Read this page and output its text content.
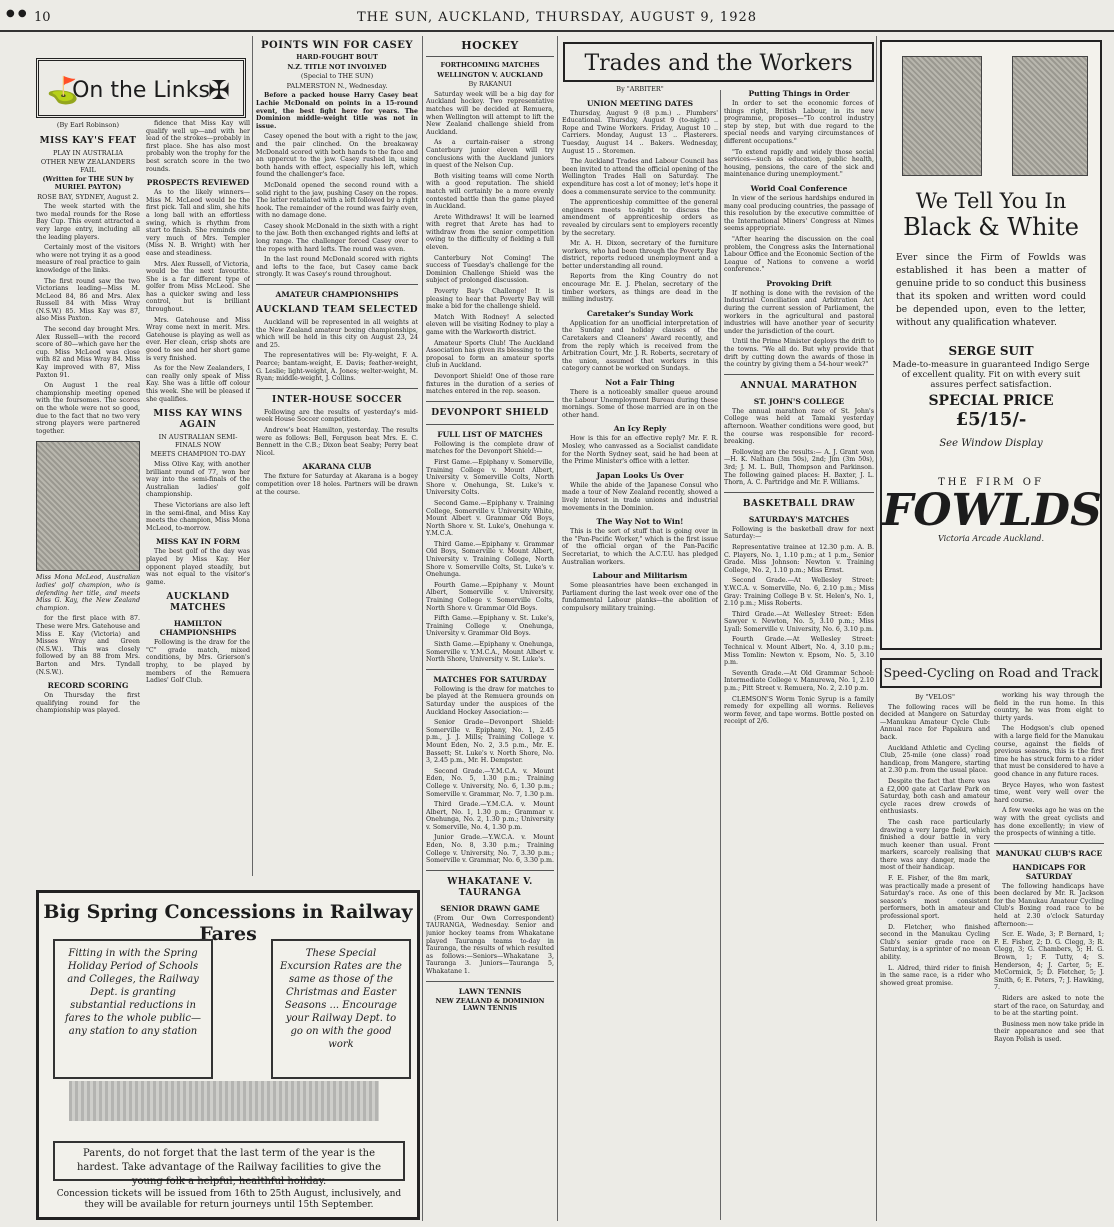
● ● 10	THE SUN, AUCKLAND, THURSDAY, AUGUST 9, 1928
⛳
On the Links
✠
(By Earl Robinson)
MISS KAY'S FEAT
PLAY IN AUSTRALIA
OTHER NEW ZEALANDERS FAIL
(Written for THE SUN by MURIEL PAYTON)
ROSE BAY, SYDNEY, August 2.

The week started with the two medal rounds for the Rose Bay Cup. This event attracted a very large entry, including all the leading players.

Certainly most of the visitors who were not trying it as a good measure of real practice to gain knowledge of the links.

The first round saw the two Victorians leading—Miss M. McLeod 84, 86 and Mrs. Alex Russell 84 with Miss Wray (N.S.W.) 85. Miss Kay was 87, also Miss Paxton.

The second day brought Mrs. Alex Russell—with the record score of 80—which gave her the cup. Miss McLeod was close with 82 and Miss Wray 84. Miss Kay improved with 87, Miss Paxton 91.

On August 1 the real championship meeting opened with the foursomes. The scores on the whole were not so good, due to the fact that no two very strong players were partnered together.

Miss Mona McLeod, Australian ladies' golf champion, who is defending her title, and meets Miss G. Kay, the New Zealand champion.

for the first place with 87. These were Mrs. Gatehouse and Miss E. Kay (Victoria) and Misses Wray and Green (N.S.W.). This was closely followed by an 88 from Mrs. Barton and Mrs. Tyndall (N.S.W.).

RECORD SCORING

On Thursday the first qualifying round for the championship was played.

fidence that Miss Kay will qualify well up—and with her lead of the strokes—probably in first place. She has also most probably won the trophy for the best scratch score in the two rounds.

PROSPECTS REVIEWED

As to the likely winners—Miss M. McLeod would be the first pick. Tall and slim, she hits a long ball with an effortless swing, which is rhythm from start to finish. She reminds one very much of Mrs. Templer (Miss N. B. Wright) with her ease and steadiness.

Mrs. Alex Russell, of Victoria, would be the next favourite. She is a far different type of golfer from Miss McLeod. She has a quicker swing and less control, but is brilliant throughout.

Mrs. Gatehouse and Miss Wray come next in merit. Mrs. Gatehouse is playing as well as ever. Her clean, crisp shots are good to see and her short game is very finished.

As for the New Zealanders, I can really only speak of Miss Kay. She was a little off colour this week. She will be pleased if she qualifies.

MISS KAY WINS AGAIN
IN AUSTRALIAN SEMI-FINALS NOW
MEETS CHAMPION TO-DAY

Miss Olive Kay, with another brilliant round of 77, won her way into the semi-finals of the Australian ladies' golf championship.

These Victorians are also left in the semi-final, and Miss Kay meets the champion, Miss Mona McLeod, to-morrow.

MISS KAY IN FORM

The best golf of the day was played by Miss Kay. Her opponent played steadily, but was not equal to the visitor's game.

AUCKLAND MATCHES
HAMILTON CHAMPIONSHIPS

Following is the draw for the "C" grade match, mixed conditions, by Mrs. Grierson's trophy, to be played by members of the Remuera Ladies' Golf Club.

POINTS WIN FOR CASEY
HARD-FOUGHT BOUT
N.Z. TITLE NOT INVOLVED
(Special to THE SUN)
PALMERSTON N., Wednesday.

Before a packed house Harry Casey beat Lachie McDonald on points in a 15-round event, the best fight here for years. The Dominion middle-weight title was not in issue.

Casey opened the bout with a right to the jaw, and the pair clinched. On the breakaway McDonald scored with both hands to the face and an uppercut to the jaw. Casey rushed in, using both hands with effect, especially his left, which found the challenger's face.

McDonald opened the second round with a solid right to the jaw, pushing Casey on the ropes. The latter retaliated with a left followed by a right hook. The remainder of the round was fairly even, with no damage done.

Casey shook McDonald in the sixth with a right to the jaw. Both then exchanged rights and lefts at long range. The challenger forced Casey over to the ropes with hard lefts. The round was even.

In the last round McDonald scored with rights and lefts to the face, but Casey came back strongly. It was Casey's round throughout.

AMATEUR CHAMPIONSHIPS
AUCKLAND TEAM SELECTED

Auckland will be represented in all weights at the New Zealand amateur boxing championships, which will be held in this city on August 23, 24 and 25.

The representatives will be: Fly-weight, F. A. Pearce; bantam-weight, E. Davis; feather-weight, G. Leslie; light-weight, A. Jones; welter-weight, M. Ryan; middle-weight, J. Collins.

INTER-HOUSE SOCCER

Following are the results of yesterday's mid-week House Soccer competition.

Andrew's beat Hamilton, yesterday. The results were as follows: Bell, Ferguson beat Mrs. E. C. Bennett in the C.B.; Dixon beat Seaby; Perry beat Nicol.

AKARANA CLUB

The fixture for Saturday at Akarana is a bogey competition over 18 holes. Partners will be drawn at the course.

HOCKEY
FORTHCOMING MATCHES
WELLINGTON V. AUCKLAND
By RAKANUI

Saturday week will be a big day for Auckland hockey. Two representative matches will be decided at Remuera, when Wellington will attempt to lift the New Zealand challenge shield from Auckland.

As a curtain-raiser a strong Canterbury junior eleven will try conclusions with the Auckland juniors in quest of the Nelson Cup.

Both visiting teams will come North with a good reputation. The shield match will certainly be a more evenly contested battle than the game played in Auckland.

Arete Withdraws! It will be learned with regret that Arete has had to withdraw from the senior competition owing to the difficulty of fielding a full eleven.

Canterbury Not Coming! The success of Tuesday's challenge for the Dominion Challenge Shield was the subject of prolonged discussion.

Poverty Bay's Challenge! It is pleasing to hear that Poverty Bay will make a bid for the challenge shield.

Match With Rodney! A selected eleven will be visiting Rodney to play a game with the Warkworth district.

Amateur Sports Club! The Auckland Association has given its blessing to the proposal to form an amateur sports club in Auckland.

Devonport Shield! One of those rare fixtures in the duration of a series of matches entered in the rep. season.

DEVONPORT SHIELD
FULL LIST OF MATCHES

Following is the complete draw of matches for the Devonport Shield:—

First Game.—Epiphany v. Somerville, Training College v. Mount Albert, University v. Somerville Colts, North Shore v. Onehunga, St. Luke's v. University Colts.

Second Game.—Epiphany v. Training College, Somerville v. University White, Mount Albert v. Grammar Old Boys, North Shore v. St. Luke's, Onehunga v. Y.M.C.A.

Third Game.—Epiphany v. Grammar Old Boys, Somerville v. Mount Albert, University v. Training College, North Shore v. Somerville Colts, St. Luke's v. Onehunga.

Fourth Game.—Epiphany v. Mount Albert, Somerville v. University, Training College v. Somerville Colts, North Shore v. Grammar Old Boys.

Fifth Game.—Epiphany v. St. Luke's, Training College v. Onehunga, University v. Grammar Old Boys.

Sixth Game.—Epiphany v. Onehunga, Somerville v. Y.M.C.A., Mount Albert v. North Shore, University v. St. Luke's.

MATCHES FOR SATURDAY

Following is the draw for matches to be played at the Remuera grounds on Saturday under the auspices of the Auckland Hockey Association:—

Senior Grade—Devonport Shield: Somerville v. Epiphany, No. 1, 2.45 p.m., J. J. Mills; Training College v. Mount Eden, No. 2, 3.5 p.m., Mr. E. Bassett; St. Luke's v. North Shore, No. 3, 2.45 p.m., Mr. H. Dempster.

Second Grade.—Y.M.C.A. v. Mount Eden, No. 5, 1.30 p.m.; Training College v. University, No. 6, 1.30 p.m.; Somerville v. Grammar, No. 7, 1.30 p.m.

Third Grade.—Y.M.C.A. v. Mount Albert, No. 1, 1.30 p.m.; Grammar v. Onehunga, No. 2, 1.30 p.m.; University v. Somerville, No. 4, 1.30 p.m.

Junior Grade.—Y.W.C.A. v. Mount Eden, No. 8, 3.30 p.m.; Training College v. University, No. 7, 3.30 p.m.; Somerville v. Grammar, No. 6, 3.30 p.m.

WHAKATANE V. TAURANGA
SENIOR DRAWN GAME

(From Our Own Correspondent) TAURANGA, Wednesday. Senior and junior hockey teams from Whakatane played Tauranga teams to-day in Tauranga, the results of which resulted as follows:—Seniors—Whakatane 3, Tauranga 3. Juniors—Tauranga 5, Whakatane 1.

LAWN TENNIS
NEW ZEALAND & DOMINION LAWN TENNIS
Trades and the Workers
By "ARBITER"
UNION MEETING DATES

Thursday, August 9 (8 p.m.) .. Plumbers' Educational. Thursday, August 9 (to-night) .. Rope and Twine Workers. Friday, August 10 .. Carriers. Monday, August 13 .. Plasterers. Tuesday, August 14 .. Bakers. Wednesday, August 15 .. Storemen.

The Auckland Trades and Labour Council has been invited to attend the official opening of the Wellington Trades Hall on Saturday. The expenditure has cost a lot of money; let's hope it does a commensurate service to the community.

The apprenticeship committee of the general engineers meets to-night to discuss the amendment of apprenticeship orders as revealed by circulars sent to employers recently by the secretary.

Mr. A. H. Dixon, secretary of the furniture workers, who had been through the Poverty Bay district, reports reduced unemployment and a better understanding all round.

Reports from the King Country do not encourage Mr. E. J. Phelan, secretary of the timber workers, as things are dead in the milling industry.

Caretaker's Sunday Work

Application for an unofficial interpretation of the Sunday and holiday clauses of the Caretakers and Cleaners' Award recently, and from the reply which is received from the Arbitration Court, Mr. J. R. Roberts, secretary of the union, assumed that workers in this category cannot be worked on Sundays.

Not a Fair Thing

There is a noticeably smaller queue around the Labour Unemployment Bureau during these mornings. Some of those married are in on the other hand.

An Icy Reply

How is this for an effective reply? Mr. F. R. Mosley, who canvassed as a Socialist candidate for the North Sydney seat, said he had been at the Prime Minister's office with a letter.

Japan Looks Us Over

While the abide of the Japanese Consul who made a tour of New Zealand recently, showed a lively interest in trade unions and industrial movements in the Dominion.

The Way Not to Win!

This is the sort of stuff that is going over in the "Pan-Pacific Worker," which is the first issue of the official organ of the Pan-Pacific Secretariat, to which the A.C.T.U. has pledged Australian workers.

Labour and Militarism

Some pleasantries have been exchanged in Parliament during the last week over one of the fundamental Labour planks—the abolition of compulsory military training.

Putting Things in Order

In order to set the economic forces of things right, British Labour, in its new programme, proposes—"To control industry step by step, but with due regard to the special needs and varying circumstances of different occupations."

"To extend rapidly and widely those social services—such as education, public health, housing, pensions, the care of the sick and maintenance during unemployment."

World Coal Conference

In view of the serious hardships endured in many coal producing countries, the passage of this resolution by the executive committee of the International Miners' Congress at Nimes seems appropriate.

"After hearing the discussion on the coal problem, the Congress asks the International Labour Office and the Economic Section of the League of Nations to convene a world conference."

Provoking Drift

If nothing is done with the revision of the Industrial Conciliation and Arbitration Act during the current session of Parliament, the workers in the agricultural and pastoral industries will have another year of security under the jurisdiction of the court.

Until the Prime Minister deploys the drift to the towns. "We all do. But why provide that drift by cutting down the awards of those in the country by giving them a 54-hour week?"

ANNUAL MARATHON
ST. JOHN'S COLLEGE

The annual marathon race of St. John's College was held at Tamaki yesterday afternoon. Weather conditions were good, but the course was responsible for record-breaking.

Following are the results:— A. J. Grant won—H. K. Nathan (3m 50s), 2nd; Jim (3m 50s), 3rd; J. M. L. Bull, Thompson and Parkinson. The following gained places: H. Baxter, J. L. Thorn, A. C. Partridge and Mr. F. Williams.

BASKETBALL DRAW
SATURDAY'S MATCHES

Following is the basketball draw for next Saturday:—

Representative trainee at 12.30 p.m. A. B. C. Players, No. 1, 1.10 p.m.; at 1 p.m., Senior Grade. Miss Johnson: Newton v. Training College, No. 2, 1.10 p.m.; Miss Ernst.

Second Grade.—At Wellesley Street: Y.W.C.A. v. Somerville, No. 6, 2.10 p.m.; Miss Gray: Training College B v. St. Helen's, No. 1, 2.10 p.m.; Miss Roberts.

Third Grade.—At Wellesley Street: Eden Sawyer v. Newton, No. 5, 3.10 p.m.; Miss Lyall: Somerville v. University, No. 6, 3.10 p.m.

Fourth Grade.—At Wellesley Street: Technical v. Mount Albert, No. 4, 3.10 p.m.; Miss Tomlin: Newton v. Epsom, No. 5, 3.10 p.m.

Seventh Grade.—At Old Grammar School: Intermediate College v. Manurewa, No. 1, 2.10 p.m.; Pitt Street v. Remuera, No. 2, 2.10 p.m.

CLEMSON'S Worm Tonic Syrup is a family remedy for expelling all worms. Relieves worm fever, and tape worms. Bottle posted on receipt of 2/6.

We Tell You In
Black & White
Ever since the Firm of Fowlds was established it has been a matter of genuine pride to so conduct this business that its spoken and written word could be depended upon, even to the letter, without any qualification whatever.
SERGE SUIT
Made-to-measure in guaranteed Indigo Serge of excellent quality. Fit on with every suit assures perfect satisfaction.
SPECIAL PRICE
£5/15/-
See Window Display
THE FIRM OF
FOWLDS
Victoria Arcade Auckland.
Speed-Cycling on Road and Track
By "VELOS"

The following races will be decided at Mangere on Saturday—Manukau Amateur Cycle Club: Annual race for Papakura and back.

Auckland Athletic and Cycling Club, 25-mile (one class) road handicap, from Mangere, starting at 2.30 p.m. from the usual place.

Despite the fact that there was a £2,000 gate at Carlaw Park on Saturday, both cash and amateur cycle races drew crowds of enthusiasts.

The cash race particularly drawing a very large field, which finished a dour battle in very much keener than usual. Front markers, scarcely realising that there was any danger, made the most of their handicap.

F. E. Fisher, of the 8m mark, was practically made a present of Saturday's race. As one of this season's most consistent performers, both in amateur and professional sport.

D. Fletcher, who finished second in the Manukau Cycling Club's senior grade race on Saturday, is a sprinter of no mean ability.

L. Aldred, third rider to finish in the same race, is a rider who showed great promise.

working his way through the field in the run home. In this country, he was from eight to thirty yards.

The Hodgson's club opened with a large field for the Manukau course, against the fields of previous seasons, this is the first time he has struck form to a rider that must be considered to have a good chance in any future races.

Bryce Hayes, who won fastest time, went very well over the hard course.

A few weeks ago he was on the way with the great cyclists and has done excellently; in view of the prospects of winning a title.

MANUKAU CLUB'S RACE
HANDICAPS FOR SATURDAY

The following handicaps have been declared by Mr. R. Jackson for the Manukau Amateur Cycling Club's Boxing road race to be held at 2.30 o'clock Saturday afternoon:—

Scr. E. Wade, 3; P. Bernard, 1; F. E. Fisher, 2; D. G. Clegg, 3; R. Clegg, 3; G. Chambers, 5; H. G. Brown, 1; F. Tutty, 4; S. Henderson, 4; J. Carter, 5; E. McCormick, 5; D. Fletcher, 5; J. Smith, 6; E. Peters, 7; J. Hawking, 7.

Riders are asked to note the start of the race, on Saturday, and to be at the starting point.

Business men now take pride in their appearance and see that Rayon Polish is used.

Big Spring Concessions in Railway Fares
Fitting in with the Spring Holiday Period of Schools and Colleges, the Railway Dept. is granting substantial reductions in fares to the whole public—any station to any station
These Special Excursion Rates are the same as those of the Christmas and Easter Seasons ... Encourage your Railway Dept. to go on with the good work
Parents, do not forget that the last term of the year is the hardest. Take advantage of the Railway facilities to give the young folk a helpful, healthful holiday.
Concession tickets will be issued from 16th to 25th August, inclusively, and they will be available for return journeys until 15th September.
